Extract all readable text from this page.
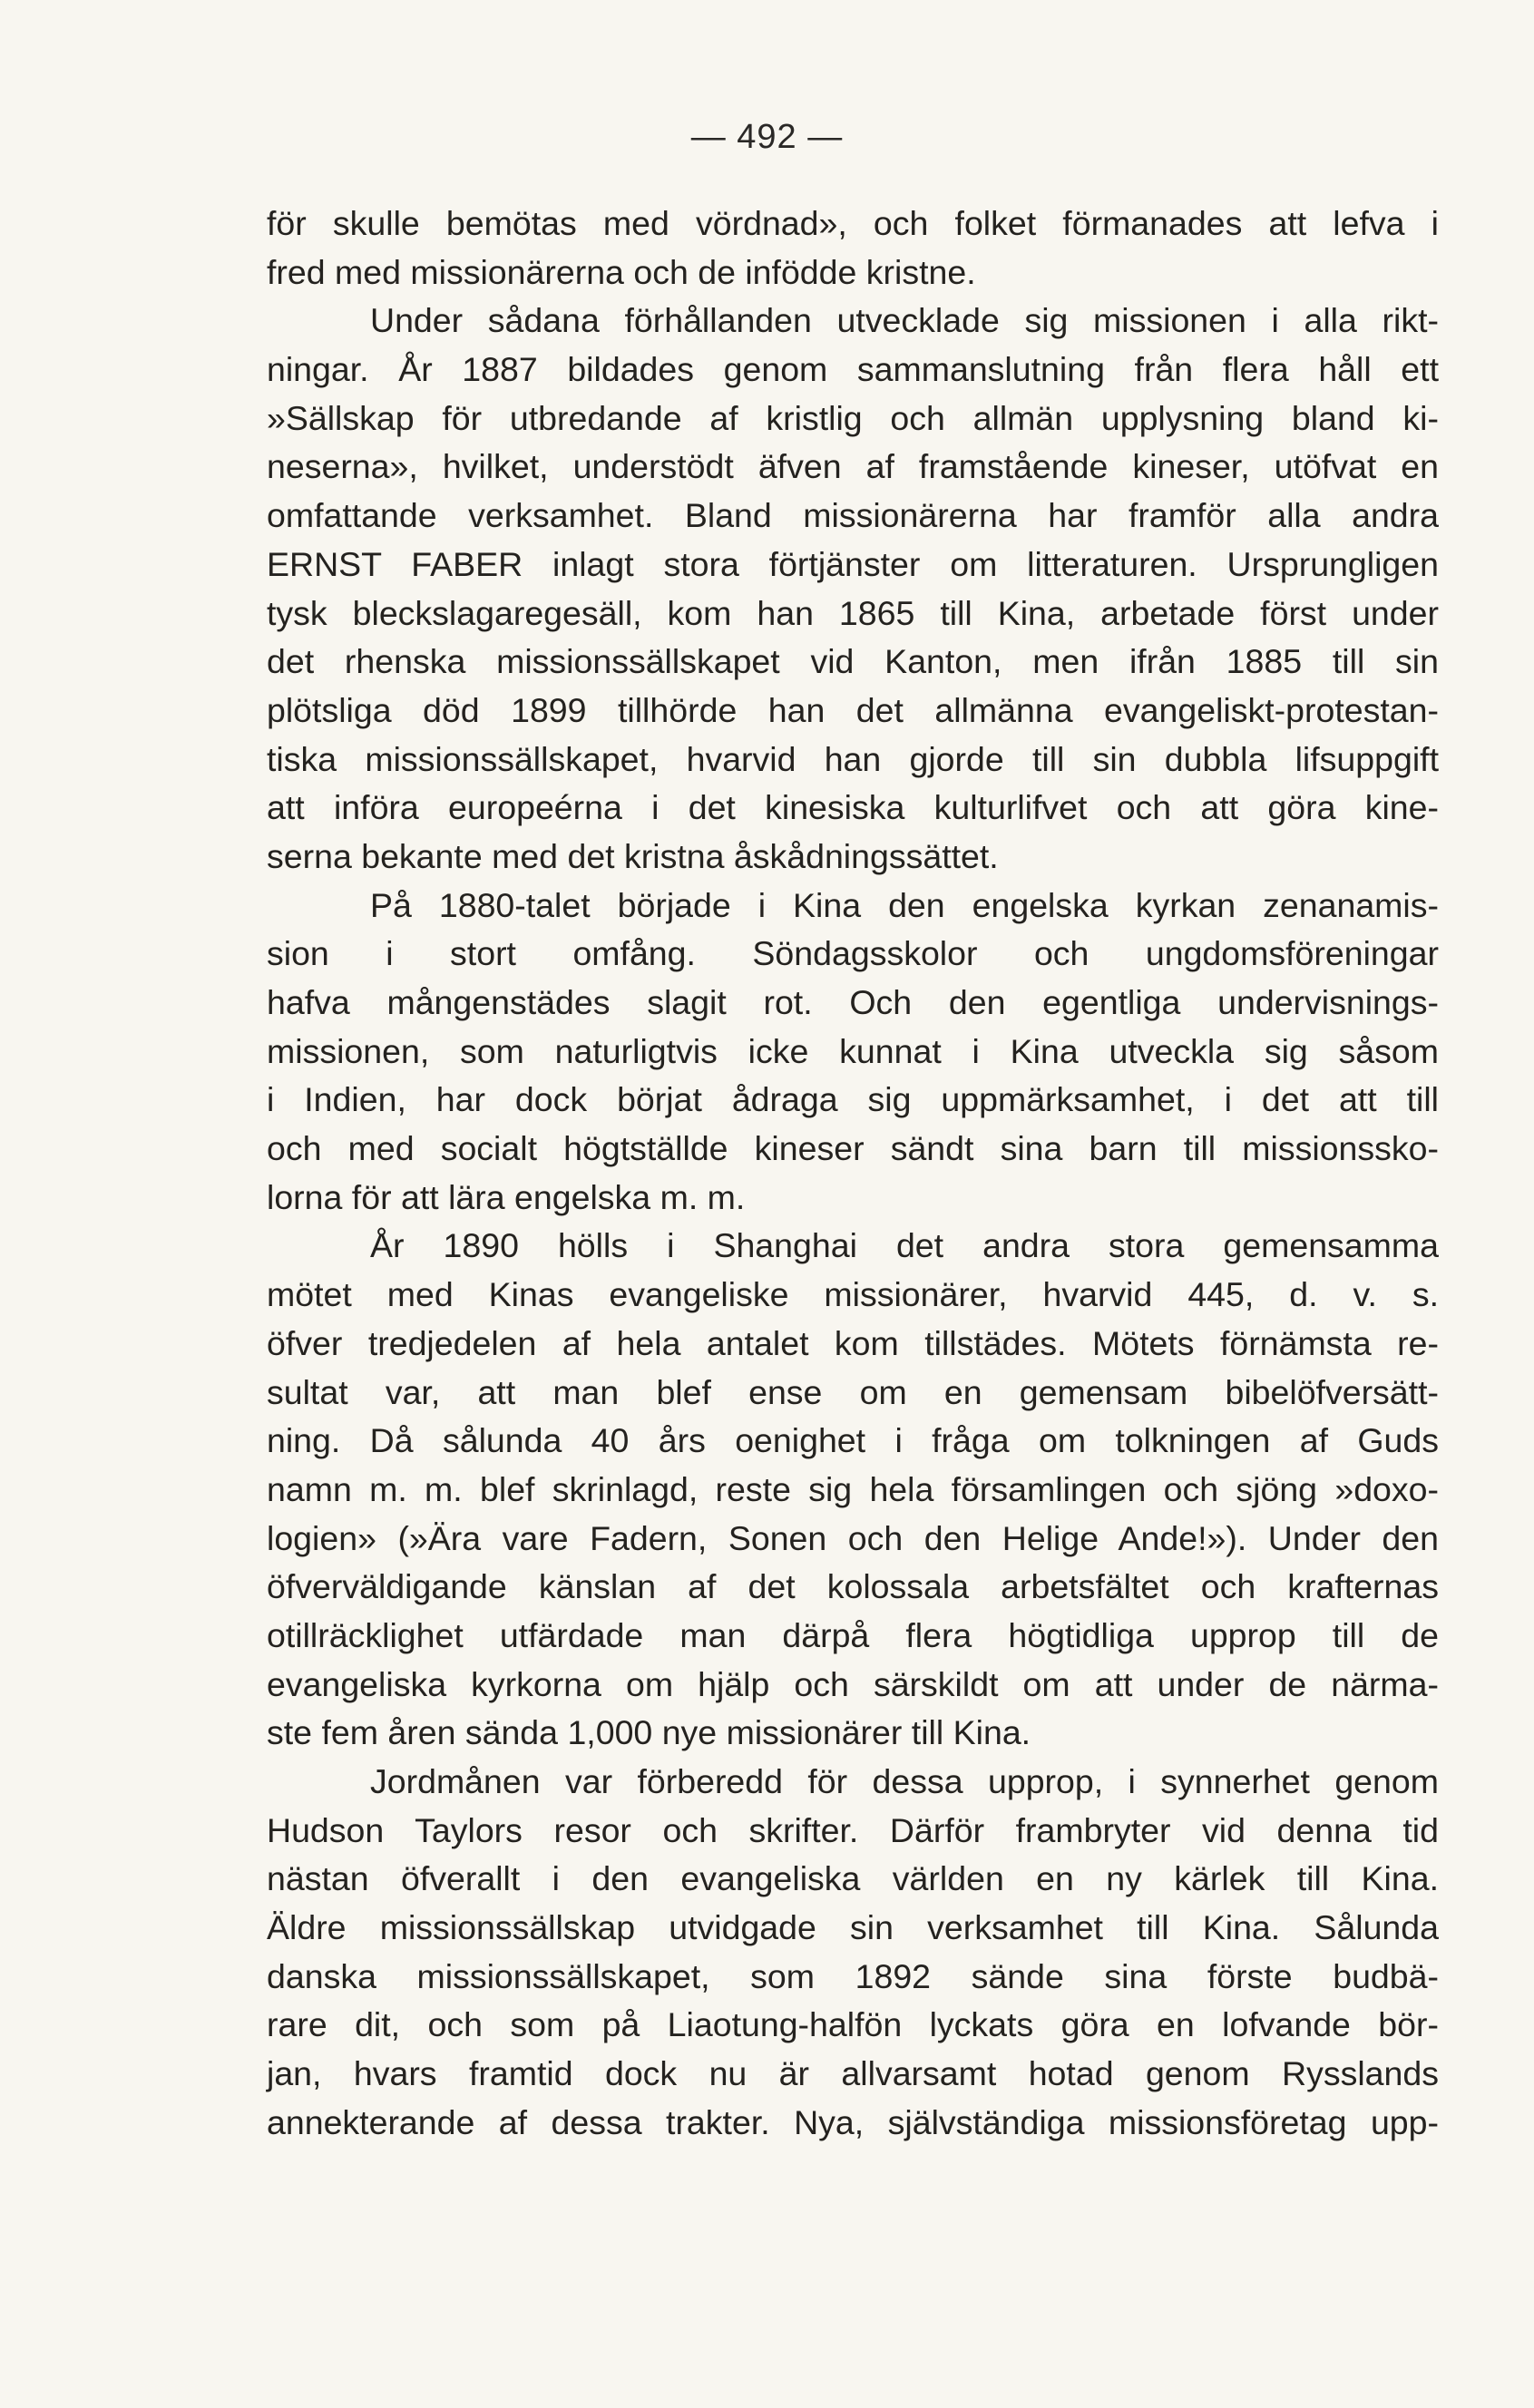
— 492 —
för skulle bemötas med vördnad», och folket förmanades att lefva i
fred med missionärerna och de infödde kristne.
Under sådana förhållanden utvecklade sig missionen i alla rikt-
ningar. År 1887 bildades genom sammanslutning från flera håll ett
»Sällskap för utbredande af kristlig och allmän upplysning bland ki-
neserna», hvilket, understödt äfven af framstående kineser, utöfvat en
omfattande verksamhet. Bland missionärerna har framför alla andra
ERNST FABER inlagt stora förtjänster om litteraturen. Ursprungligen
tysk bleckslagaregesäll, kom han 1865 till Kina, arbetade först under
det rhenska missionssällskapet vid Kanton, men ifrån 1885 till sin
plötsliga död 1899 tillhörde han det allmänna evangeliskt-protestan-
tiska missionssällskapet, hvarvid han gjorde till sin dubbla lifsuppgift
att införa europeérna i det kinesiska kulturlifvet och att göra kine-
serna bekante med det kristna åskådningssättet.
På 1880-talet började i Kina den engelska kyrkan zenanamis-
sion i stort omfång. Söndagsskolor och ungdomsföreningar
hafva mångenstädes slagit rot. Och den egentliga undervisnings-
missionen, som naturligtvis icke kunnat i Kina utveckla sig såsom
i Indien, har dock börjat ådraga sig uppmärksamhet, i det att till
och med socialt högtställde kineser sändt sina barn till missionssko-
lorna för att lära engelska m. m.
År 1890 hölls i Shanghai det andra stora gemensamma
mötet med Kinas evangeliske missionärer, hvarvid 445, d. v. s.
öfver tredjedelen af hela antalet kom tillstädes. Mötets förnämsta re-
sultat var, att man blef ense om en gemensam bibelöfversätt-
ning. Då sålunda 40 års oenighet i fråga om tolkningen af Guds
namn m. m. blef skrinlagd, reste sig hela församlingen och sjöng »doxo-
logien» (»Ära vare Fadern, Sonen och den Helige Ande!»). Under den
öfverväldigande känslan af det kolossala arbetsfältet och krafternas
otillräcklighet utfärdade man därpå flera högtidliga upprop till de
evangeliska kyrkorna om hjälp och särskildt om att under de närma-
ste fem åren sända 1,000 nye missionärer till Kina.
Jordmånen var förberedd för dessa upprop, i synnerhet genom
Hudson Taylors resor och skrifter. Därför frambryter vid denna tid
nästan öfverallt i den evangeliska världen en ny kärlek till Kina.
Äldre missionssällskap utvidgade sin verksamhet till Kina. Sålunda
danska missionssällskapet, som 1892 sände sina förste budbä-
rare dit, och som på Liaotung-halfön lyckats göra en lofvande bör-
jan, hvars framtid dock nu är allvarsamt hotad genom Rysslands
annekterande af dessa trakter. Nya, självständiga missionsföretag upp-
